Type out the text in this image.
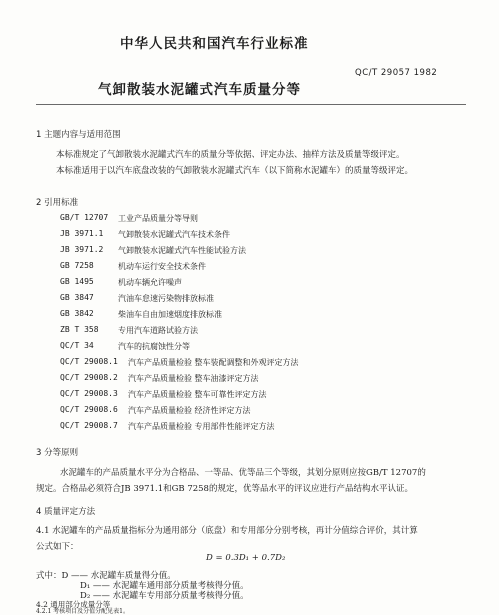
中华人民共和国汽车行业标准
QC/T 29057 1982
气卸散装水泥罐式汽车质量分等
1 主题内容与适用范围
本标准规定了气卸散装水泥罐式汽车的质量分等依据、评定办法、抽样方法及质量等级评定。
本标准适用于以汽车底盘改装的气卸散装水泥罐式汽车（以下简称水泥罐车）的质量等级评定。
2 引用标准
GB/T 12707 工业产品质量分等导则
JB 3971.1 气卸散装水泥罐式汽车技术条件
JB 3971.2 气卸散装水泥罐式汽车性能试验方法
GB 7258	机动车运行安全技术条件
GB 1495	机动车辆允许噪声
GB 3847	汽油车怠速污染物排放标准
GB 3842	柴油车自由加速烟度排放标准
ZB T 358 专用汽车道路试验方法
QC/T 34	汽车的抗腐蚀性分等
QC/T 29008.1 汽车产品质量检验 整车装配调整和外观评定方法
QC/T 29008.2 汽车产品质量检验 整车油漆评定方法
QC/T 29008.3 汽车产品质量检验 整车可靠性评定方法
QC/T 29008.6 汽车产品质量检验 经济性评定方法
QC/T 29008.7 汽车产品质量检验 专用部件性能评定方法
3 分等原则
水泥罐车的产品质量水平分为合格品、一等品、优等品三个等级，其划分原则应按GB/T 12707的
规定。合格品必须符合JB 3971.1和GB 7258的规定，优等品水平的评议应进行产品结构水平认证。
4 质量评定方法
4.1 水泥罐车的产品质量指标分为通用部分（底盘）和专用部分分别考核，再计分值综合评价，其计算
公式如下：
D = 0.3D₁ + 0.7D₂
式中：D —— 水泥罐车质量得分值。
D₁ —— 水泥罐车通用部分质量考核得分值。
D₂ —— 水泥罐车专用部分质量考核得分值。
4.2 通用部分成量分等
4.2.1 考核项目及分值分配见表1。
